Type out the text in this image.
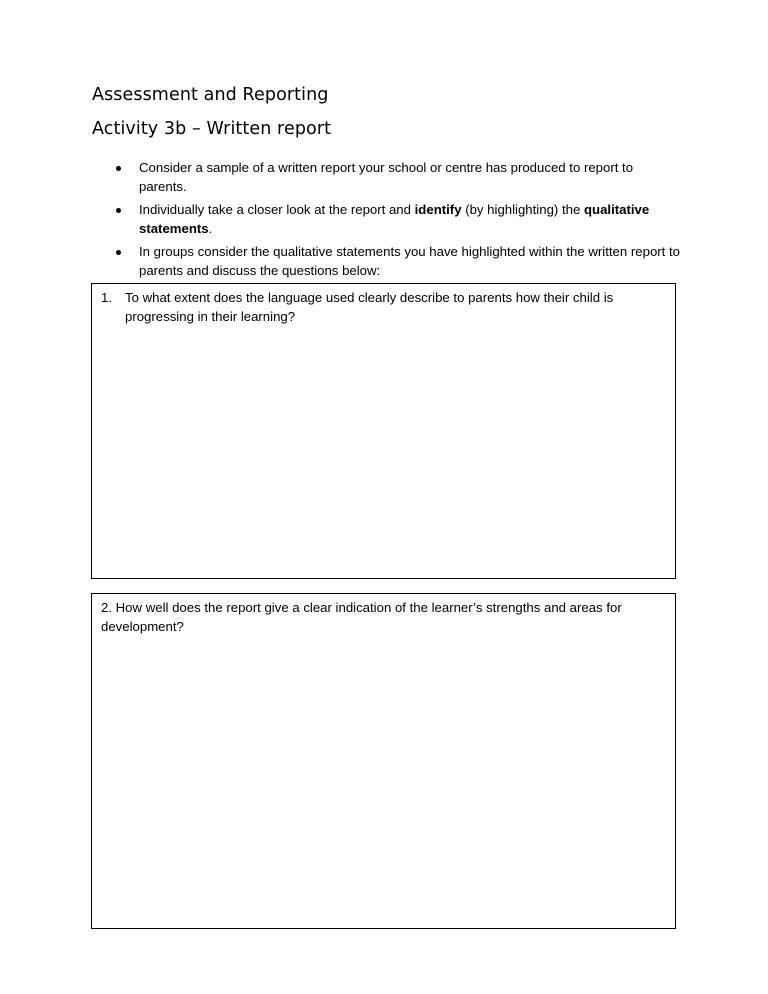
Assessment and Reporting
Activity 3b – Written report
Consider a sample of a written report your school or centre has produced to report to parents.
Individually take a closer look at the report and identify (by highlighting) the qualitative statements.
In groups consider the qualitative statements you have highlighted within the written report to parents and discuss the questions below:

1. To what extent does the language used clearly describe to parents how their child is progressing in their learning?

2. How well does the report give a clear indication of the learner’s strengths and areas for development?
